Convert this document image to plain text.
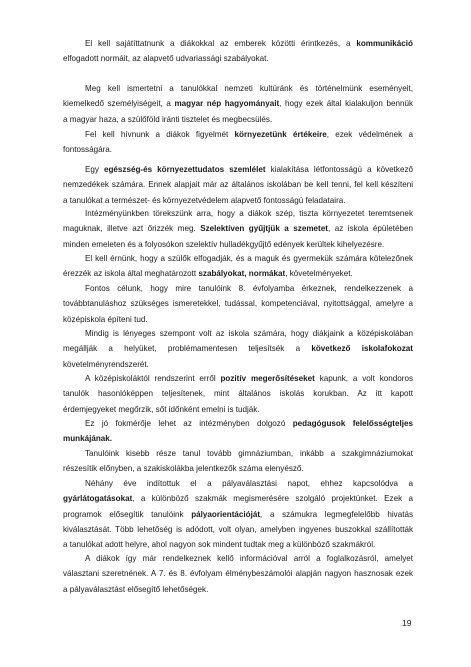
El kell sajátíttatnunk a diákokkal az emberek közötti érintkezés, a kommunikáció
elfogadott normáit, az alapvető udvariassági szabályokat.
Meg kell ismertetni a tanulókkal nemzeti kultúránk és történelmünk eseményeit,
kiemelkedő személyiségeit, a magyar nép hagyományait, hogy ezek által kialakuljon bennük
a magyar haza, a szülőföld iránti tisztelet és megbecsülés.
Fel kell hívnunk a diákok figyelmét környezetünk értékeire, ezek védelmének a
fontosságára.
Egy egészség-és környezettudatos szemlélet kialakítása létfontosságú a következő
nemzedékek számára. Ennek alapjait már az általános iskolában be kell tenni, fel kell készíteni
a tanulókat a természet- és környezetvédelem alapvető fontosságú feladataira.
Intézményünkben törekszünk arra, hogy a diákok szép, tiszta környezetet teremtsenek
maguknak, illetve azt őrizzék meg. Szelektíven gyűjtjük a szemetet, az iskola épületében
minden emeleten és a folyosókon szelektív hulladékgyűjtő edények kerültek kihelyezésre.
El kell érnünk, hogy a szülők elfogadják, és a maguk és gyermekük számára kötelezőnek
érezzék az iskola által meghatározott szabályokat, normákat, követelményeket.
Fontos célunk, hogy mire tanulóink 8. évfolyamba érkeznek, rendelkezzenek a
továbbtanuláshoz szükséges ismeretekkel, tudással, kompetenciával, nyitottsággal, amelyre a
középiskola építeni tud.
Mindig is lényeges szempont volt az iskola számára, hogy diákjaink a középiskolában
megállják a helyüket, problémamentesen teljesítsék a következő iskolafokozat
követelményrendszerét.
A középiskoláktól rendszerint erről pozitív megerősítéseket kapunk, a volt kondoros
tanulók hasonlóképpen teljesítenek, mint általános iskolás korukban. Az itt kapott
érdemjegyeket megőrzik, sőt időnként emelni is tudják.
Ez jó fokmérője lehet az intézményben dolgozó pedagógusok felelősségteljes
munkájának.
Tanulóink kisebb része tanul tovább gimnáziumban, inkább a szakgimnáziumokat
részesítik előnyben, a szakiskolákba jelentkezők száma elenyésző.
Néhány éve indítottuk el a pályaválasztási napot, ehhez kapcsolódva a
gyárlátogatásokat, a különböző szakmák megismerésére szolgáló projektünket. Ezek a
programok elősegítik tanulóink pályaorientációját, a számukra legmegfelelőbb hivatás
kiválasztását. Több lehetőség is adódott, volt olyan, amelyben ingyenes buszokkal szállították
a tanulókat adott helyre, ahol nagyon sok mindent tudtak meg a különböző szakmákról.
A diákok így már rendelkeznek kellő információval arról a foglalkozásról, amelyet
választani szeretnének. A 7. és 8. évfolyam élménybeszámolói alapján nagyon hasznosak ezek
a pályaválasztást elősegítő lehetőségek.
19
